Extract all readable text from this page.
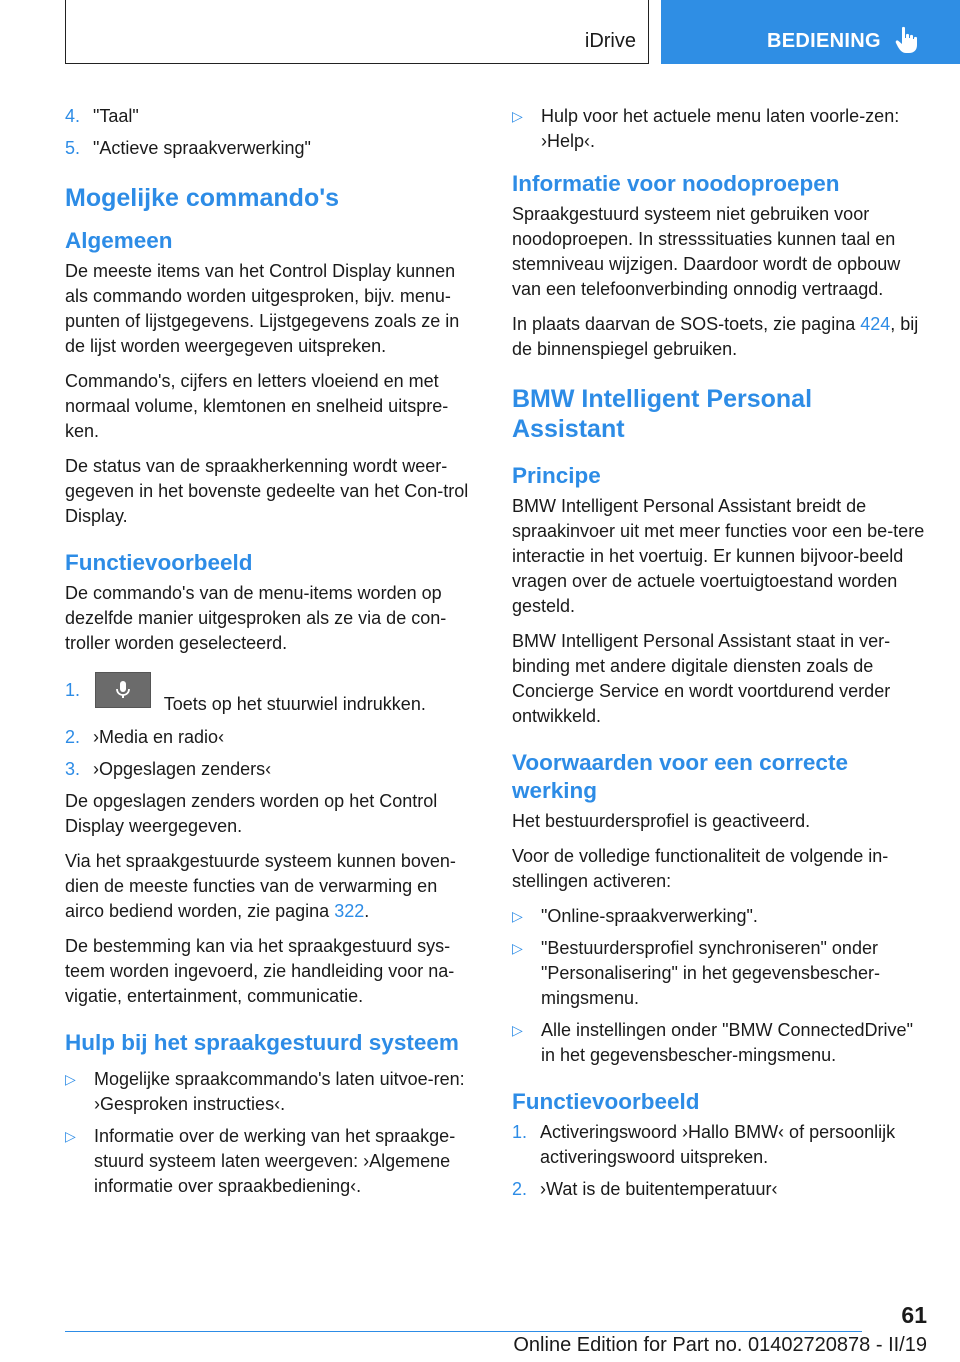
iDrive	BEDIENING
4. "Taal"
5. "Actieve spraakverwerking"
Mogelijke commando's
Algemeen

De meeste items van het Control Display kunnen als commando worden uitgesproken, bijv. menu-punten of lijstgegevens. Lijstgegevens zoals ze in de lijst worden weergegeven uitspreken.

Commando's, cijfers en letters vloeiend en met normaal volume, klemtonen en snelheid uitspre-ken.

De status van de spraakherkenning wordt weer-gegeven in het bovenste gedeelte van het Con-trol Display.

Functievoorbeeld

De commando's van de menu-items worden op dezelfde manier uitgesproken als ze via de con-troller worden geselecteerd.

1.
Toets op het stuurwiel indrukken.
2. ›Media en radio‹
3. ›Opgeslagen zenders‹

De opgeslagen zenders worden op het Control Display weergegeven.

Via het spraakgestuurde systeem kunnen boven-dien de meeste functies van de verwarming en airco bediend worden, zie pagina 322.

De bestemming kan via het spraakgestuurd sys-teem worden ingevoerd, zie handleiding voor na-vigatie, entertainment, communicatie.

Hulp bij het spraakgestuurd systeem
▷ Mogelijke spraakcommando's laten uitvoe-ren: ›Gesproken instructies‹.
▷ Informatie over de werking van het spraakge-stuurd systeem laten weergeven: ›Algemene informatie over spraakbediening‹.
▷ Hulp voor het actuele menu laten voorle-zen: ›Help‹.
Informatie voor noodoproepen

Spraakgestuurd systeem niet gebruiken voor noodoproepen. In stresssituaties kunnen taal en stemniveau wijzigen. Daardoor wordt de opbouw van een telefoonverbinding onnodig vertraagd.

In plaats daarvan de SOS-toets, zie pagina 424, bij de binnenspiegel gebruiken.

BMW Intelligent Personal Assistant
Principe

BMW Intelligent Personal Assistant breidt de spraakinvoer uit met meer functies voor een be-tere interactie in het voertuig. Er kunnen bijvoor-beeld vragen over de actuele voertuigtoestand worden gesteld.

BMW Intelligent Personal Assistant staat in ver-binding met andere digitale diensten zoals de Concierge Service en wordt voortdurend verder ontwikkeld.

Voorwaarden voor een correcte werking

Het bestuurdersprofiel is geactiveerd.

Voor de volledige functionaliteit de volgende in-stellingen activeren:

▷ "Online-spraakverwerking".
▷ "Bestuurdersprofiel synchroniseren" onder "Personalisering" in het gegevensbescher-mingsmenu.
▷ Alle instellingen onder "BMW ConnectedDrive" in het gegevensbescher-mingsmenu.
Functievoorbeeld
1. Activeringswoord ›Hallo BMW‹ of persoonlijk activeringswoord uitspreken.
2. ›Wat is de buitentemperatuur‹
61
Online Edition for Part no. 01402720878 - II/19
